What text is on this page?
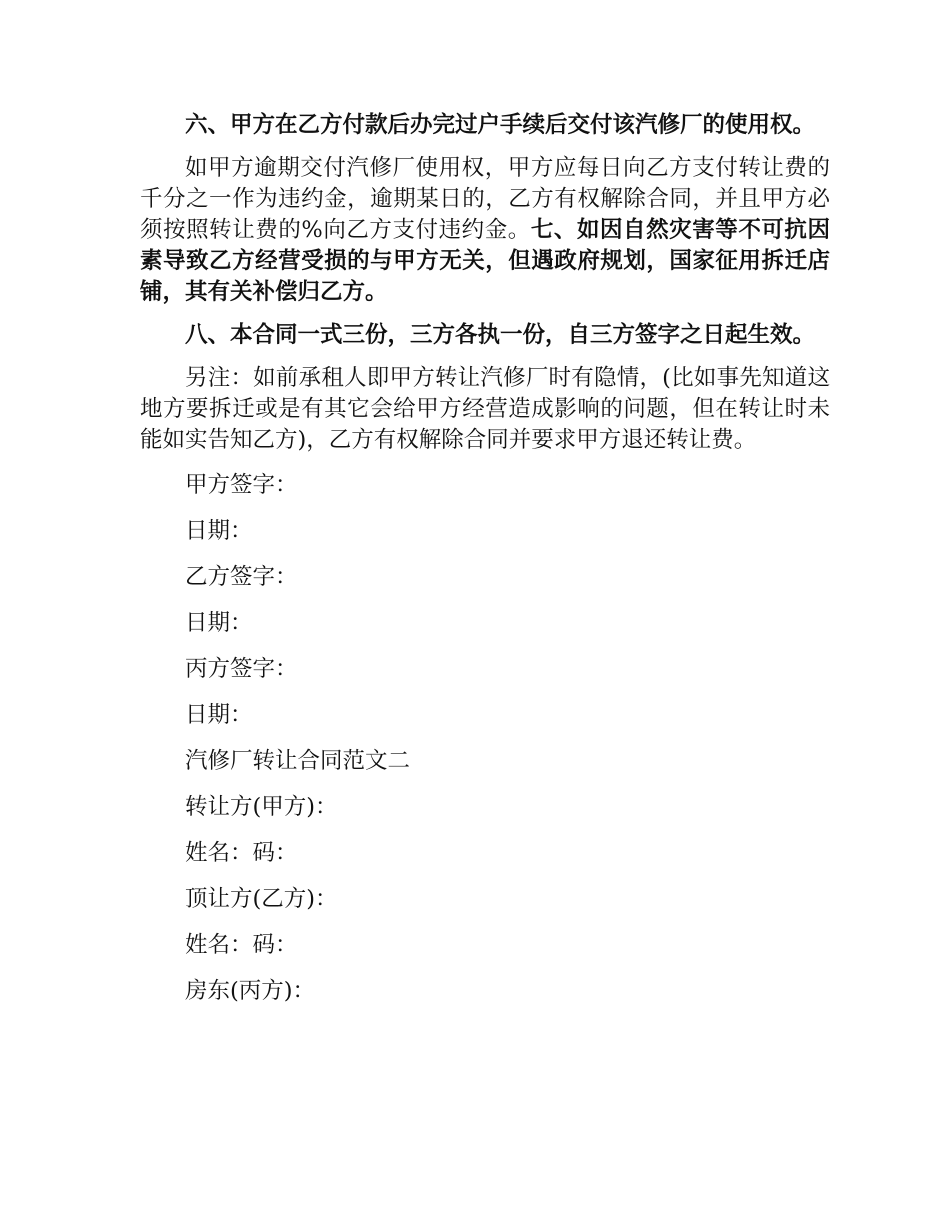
六、甲方在乙方付款后办完过户手续后交付该汽修厂的使用权。

如甲方逾期交付汽修厂使用权，甲方应每日向乙方支付转让费的千分之一作为违约金，逾期某日的，乙方有权解除合同，并且甲方必须按照转让费的%向乙方支付违约金。七、如因自然灾害等不可抗因素导致乙方经营受损的与甲方无关，但遇政府规划，国家征用拆迁店铺，其有关补偿归乙方。

八、本合同一式三份，三方各执一份，自三方签字之日起生效。

另注：如前承租人即甲方转让汽修厂时有隐情，(比如事先知道这地方要拆迁或是有其它会给甲方经营造成影响的问题，但在转让时未能如实告知乙方)，乙方有权解除合同并要求甲方退还转让费。

甲方签字：

日期：

乙方签字：

日期：

丙方签字：

日期：

汽修厂转让合同范文二

转让方(甲方)：

姓名：码：

顶让方(乙方)：

姓名：码：

房东(丙方)：
